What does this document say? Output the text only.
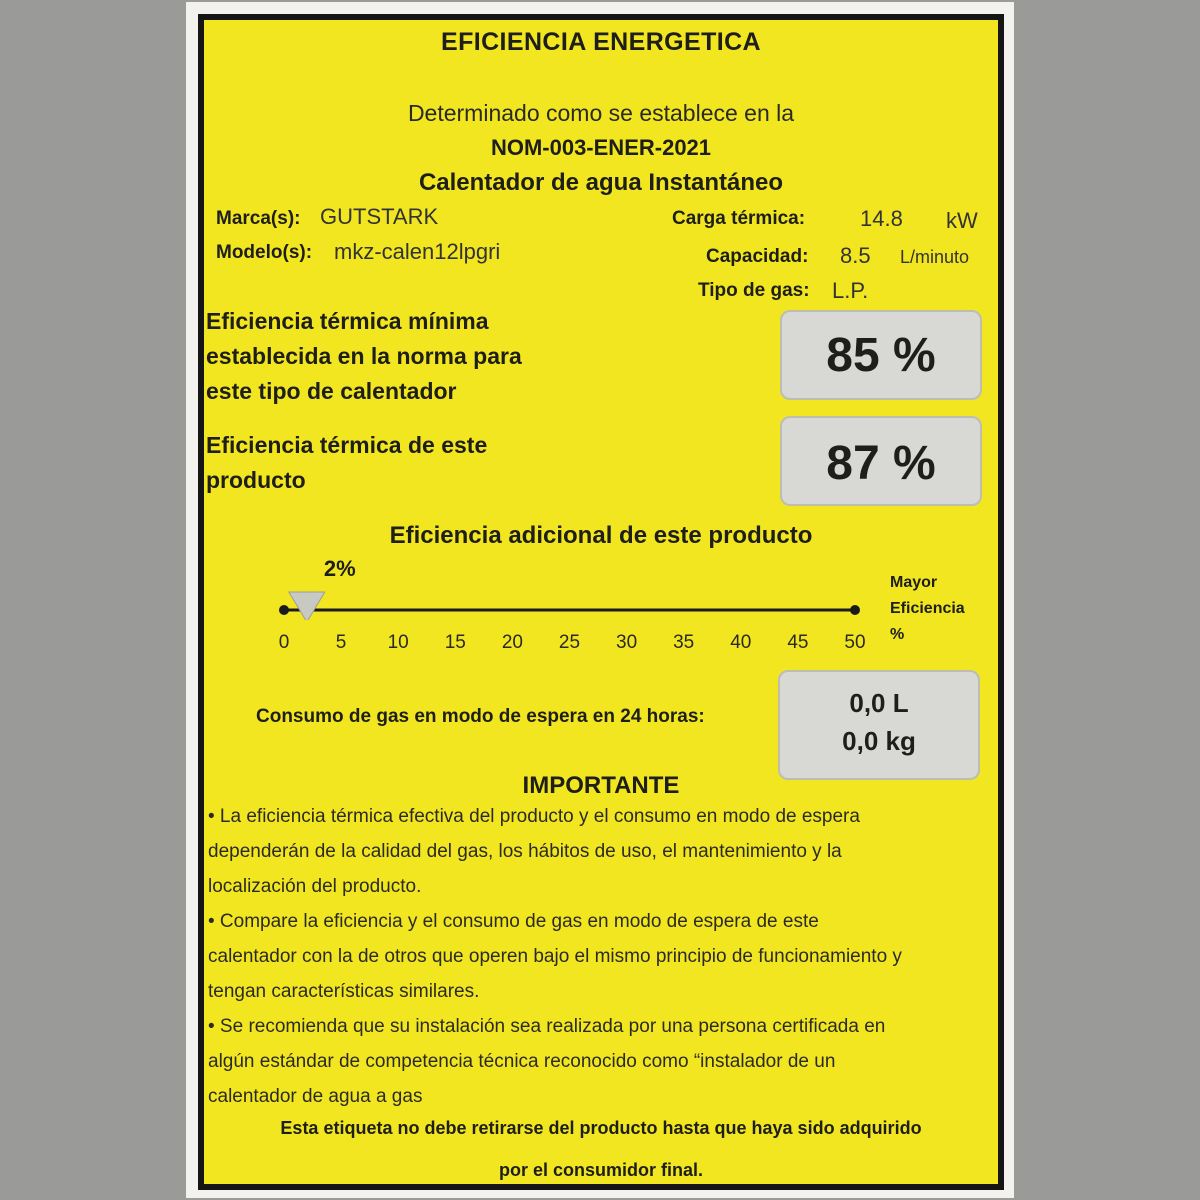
EFICIENCIA ENERGETICA
Determinado como se establece en la
NOM-003-ENER-2021
Calentador de agua Instantáneo
Marca(s): GUTSTARK
Modelo(s): mkz-calen12lpgri
Carga térmica: 14.8 kW
Capacidad: 8.5 L/minuto
Tipo de gas: L.P.
Eficiencia térmica mínima
establecida en la norma para
este tipo de calentador
85 %
Eficiencia térmica de este
producto	87 %
Eficiencia adicional de este producto
2%
0	5	10	15	20	25	30	35	40	45	50
Mayor
Eficiencia
%
Consumo de gas en modo de espera en 24 horas:	0,0 L
0,0 kg
IMPORTANTE
• La eficiencia térmica efectiva del producto y el consumo en modo de espera
dependerán de la calidad del gas, los hábitos de uso, el mantenimiento y la
localización del producto.
• Compare la eficiencia y el consumo de gas en modo de espera de este
calentador con la de otros que operen bajo el mismo principio de funcionamiento y
tengan características similares.
• Se recomienda que su instalación sea realizada por una persona certificada en
algún estándar de competencia técnica reconocido como “instalador de un
calentador de agua a gas
Esta etiqueta no debe retirarse del producto hasta que haya sido adquirido
por el consumidor final.
